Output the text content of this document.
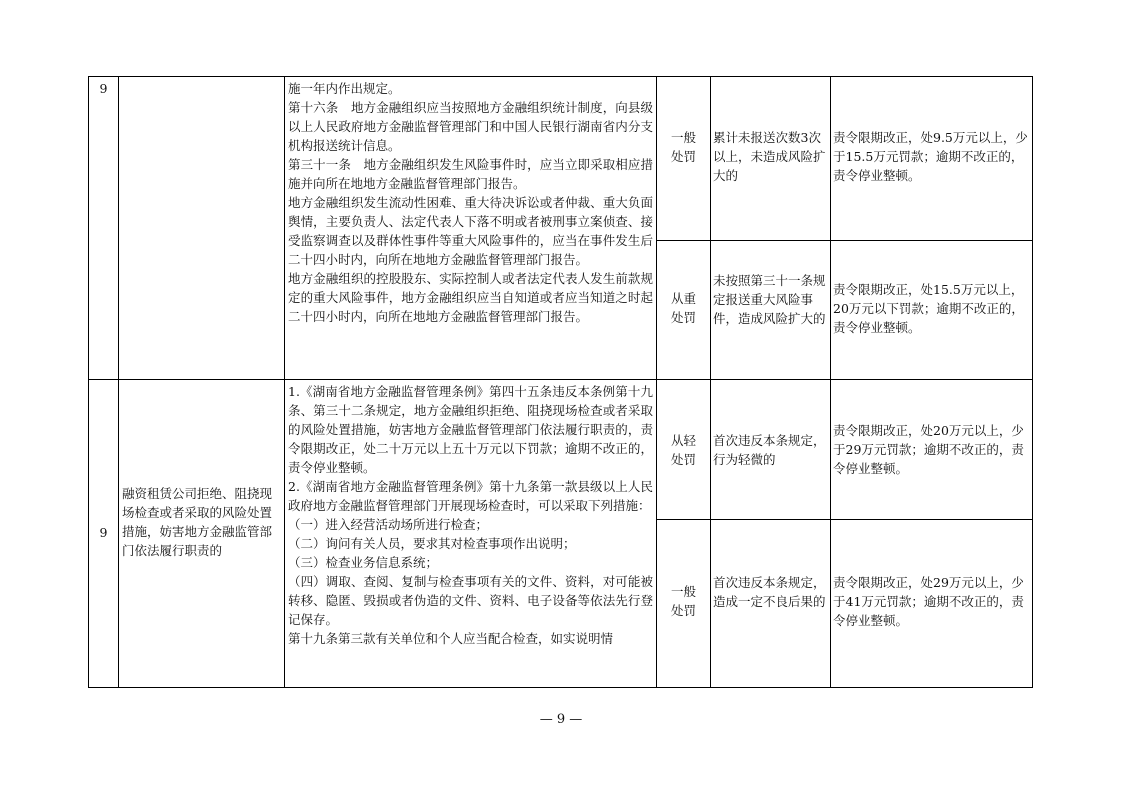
9	施一年内作出规定。
第十六条　地方金融组织应当按照地方金融组织统计制度，向县级以上人民政府地方金融监督管理部门和中国人民银行湖南省内分支机构报送统计信息。
第三十一条　地方金融组织发生风险事件时，应当立即采取相应措施并向所在地地方金融监督管理部门报告。
地方金融组织发生流动性困难、重大待决诉讼或者仲裁、重大负面舆情，主要负责人、法定代表人下落不明或者被刑事立案侦查、接受监察调查以及群体性事件等重大风险事件的，应当在事件发生后二十四小时内，向所在地地方金融监督管理部门报告。
地方金融组织的控股股东、实际控制人或者法定代表人发生前款规定的重大风险事件，地方金融组织应当自知道或者应当知道之时起二十四小时内，向所在地地方金融监督管理部门报告。
一般处罚
累计未报送次数3次以上，未造成风险扩大的
责令限期改正，处9.5万元以上，少于15.5万元罚款；逾期不改正的，责令停业整顿。
从重处罚
未按照第三十一条规定报送重大风险事件，造成风险扩大的
责令限期改正，处15.5万元以上，20万元以下罚款；逾期不改正的，责令停业整顿。
9
融资租赁公司拒绝、阻挠现场检查或者采取的风险处置措施，妨害地方金融监管部门依法履行职责的
1.《湖南省地方金融监督管理条例》第四十五条违反本条例第十九条、第三十二条规定，地方金融组织拒绝、阻挠现场检查或者采取的风险处置措施，妨害地方金融监督管理部门依法履行职责的，责令限期改正，处二十万元以上五十万元以下罚款；逾期不改正的，责令停业整顿。
2.《湖南省地方金融监督管理条例》第十九条第一款县级以上人民政府地方金融监督管理部门开展现场检查时，可以采取下列措施：
（一）进入经营活动场所进行检查；
（二）询问有关人员，要求其对检查事项作出说明；
（三）检查业务信息系统；
（四）调取、查阅、复制与检查事项有关的文件、资料，对可能被转移、隐匿、毁损或者伪造的文件、资料、电子设备等依法先行登记保存。
第十九条第三款有关单位和个人应当配合检查，如实说明情
从轻处罚
首次违反本条规定，行为轻微的
责令限期改正，处20万元以上，少于29万元罚款；逾期不改正的，责令停业整顿。
一般处罚
首次违反本条规定，造成一定不良后果的
责令限期改正，处29万元以上，少于41万元罚款；逾期不改正的，责令停业整顿。
— 9 —
